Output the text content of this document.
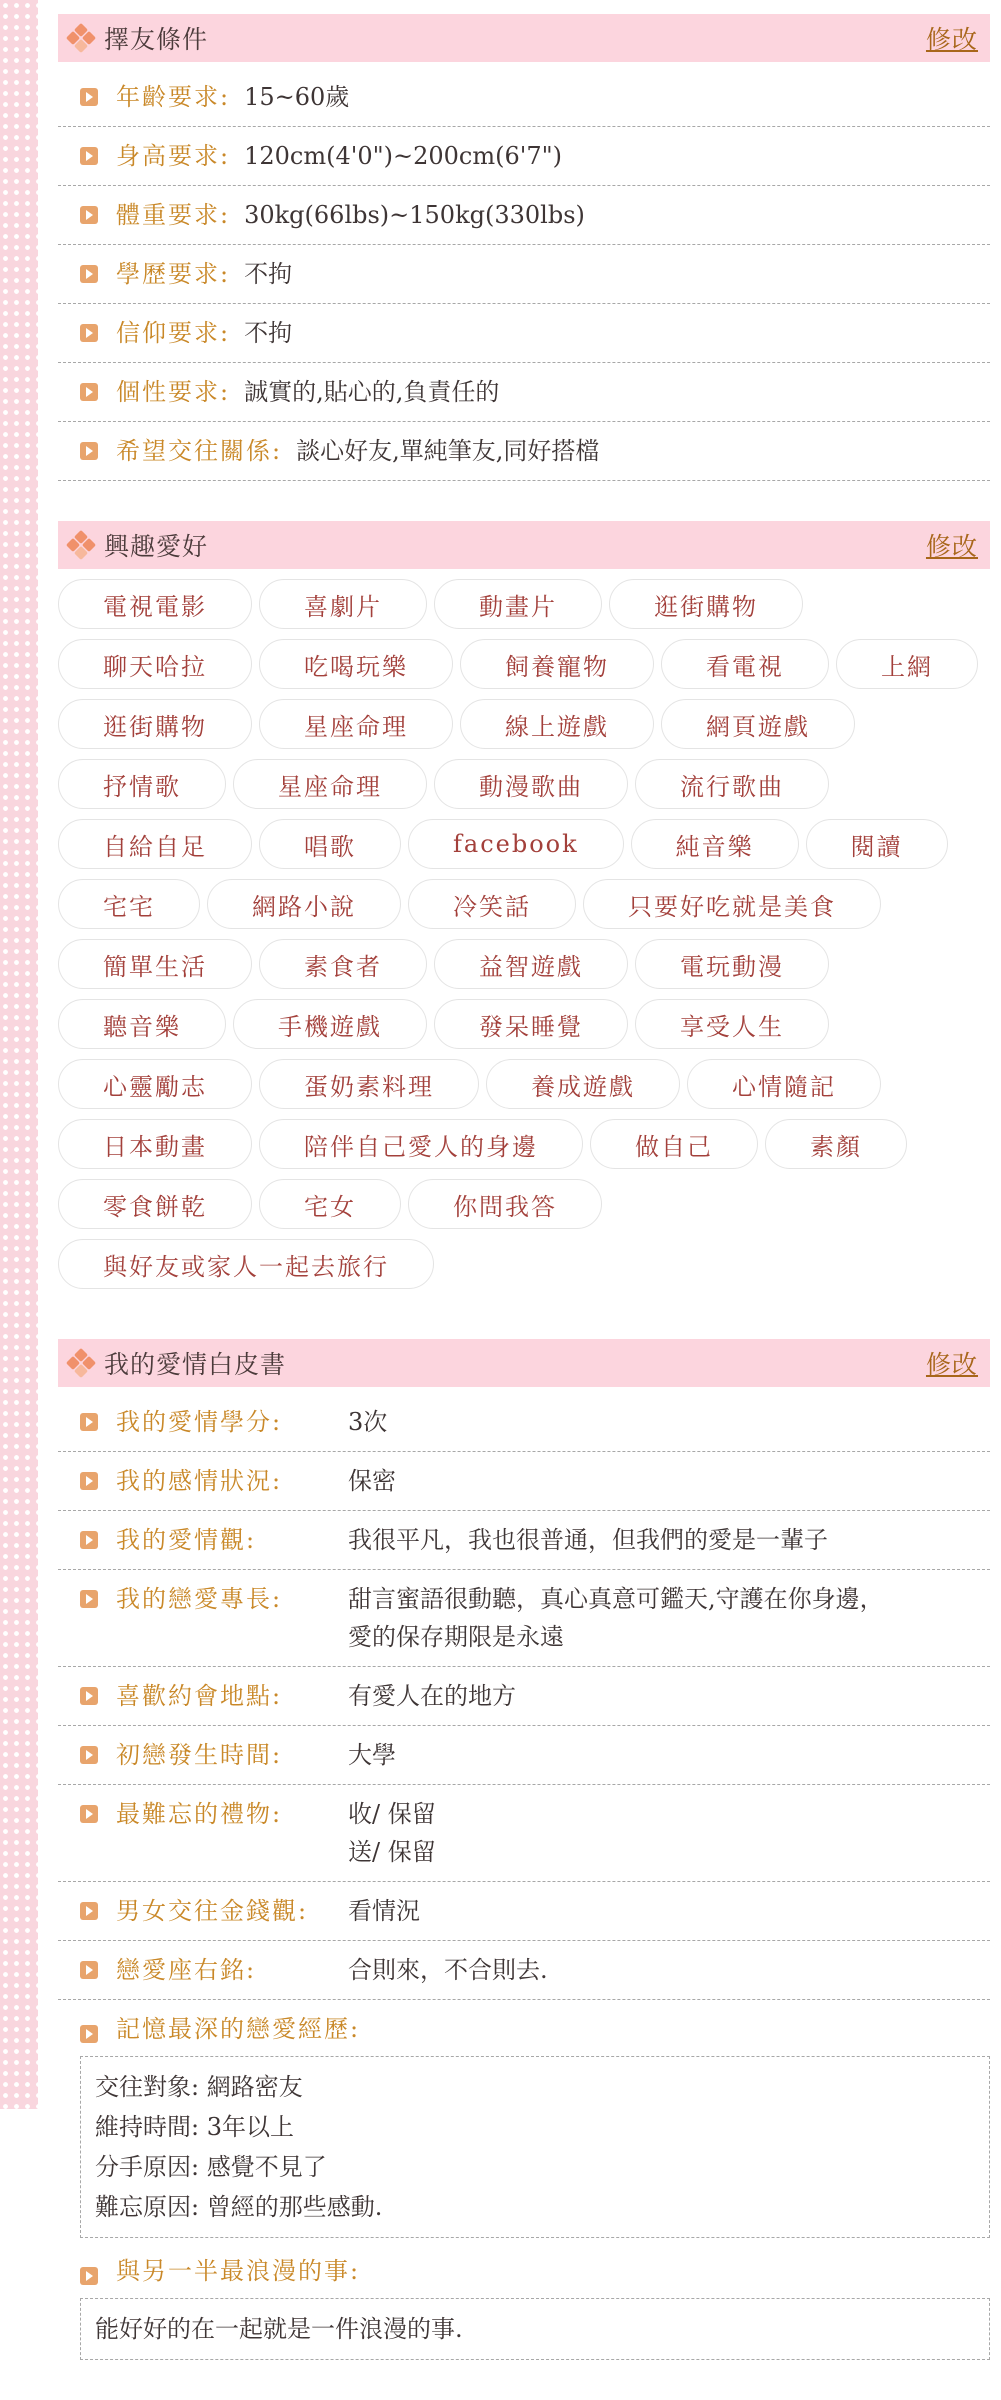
擇友條件	修改
年齡要求: 15~60歲
身高要求: 120cm(4'0")~200cm(6'7")
體重要求: 30kg(66lbs)~150kg(330lbs)
學歷要求: 不拘
信仰要求: 不拘
個性要求: 誠實的,貼心的,負責任的
希望交往關係: 談心好友,單純筆友,同好搭檔
興趣愛好	修改
電視電影	喜劇片	動畫片	逛街購物
聊天哈拉	吃喝玩樂	飼養寵物	看電視	上網
逛街購物	星座命理	線上遊戲	網頁遊戲
抒情歌	星座命理	動漫歌曲	流行歌曲
自給自足	唱歌	facebook	純音樂	閱讀
宅宅	網路小說	冷笑話	只要好吃就是美食
簡單生活	素食者	益智遊戲	電玩動漫
聽音樂	手機遊戲	發呆睡覺	享受人生
心靈勵志	蛋奶素料理	養成遊戲	心情隨記
日本動畫	陪伴自己愛人的身邊	做自己	素顏
零食餅乾	宅女	你問我答
與好友或家人一起去旅行
我的愛情白皮書	修改
我的愛情學分:	3次
我的感情狀況:	保密
我的愛情觀:	我很平凡，我也很普通，但我們的愛是一輩子
我的戀愛專長:	甜言蜜語很動聽，真心真意可鑑天,守護在你身邊，
愛的保存期限是永遠
喜歡約會地點:	有愛人在的地方
初戀發生時間:	大學
最難忘的禮物:	收/ 保留
送/ 保留
男女交往金錢觀:	看情況
戀愛座右銘:	合則來，不合則去.
記憶最深的戀愛經歷:
交往對象: 網路密友
維持時間: 3年以上
分手原因: 感覺不見了
難忘原因: 曾經的那些感動.
與另一半最浪漫的事:
能好好的在一起就是一件浪漫的事.
